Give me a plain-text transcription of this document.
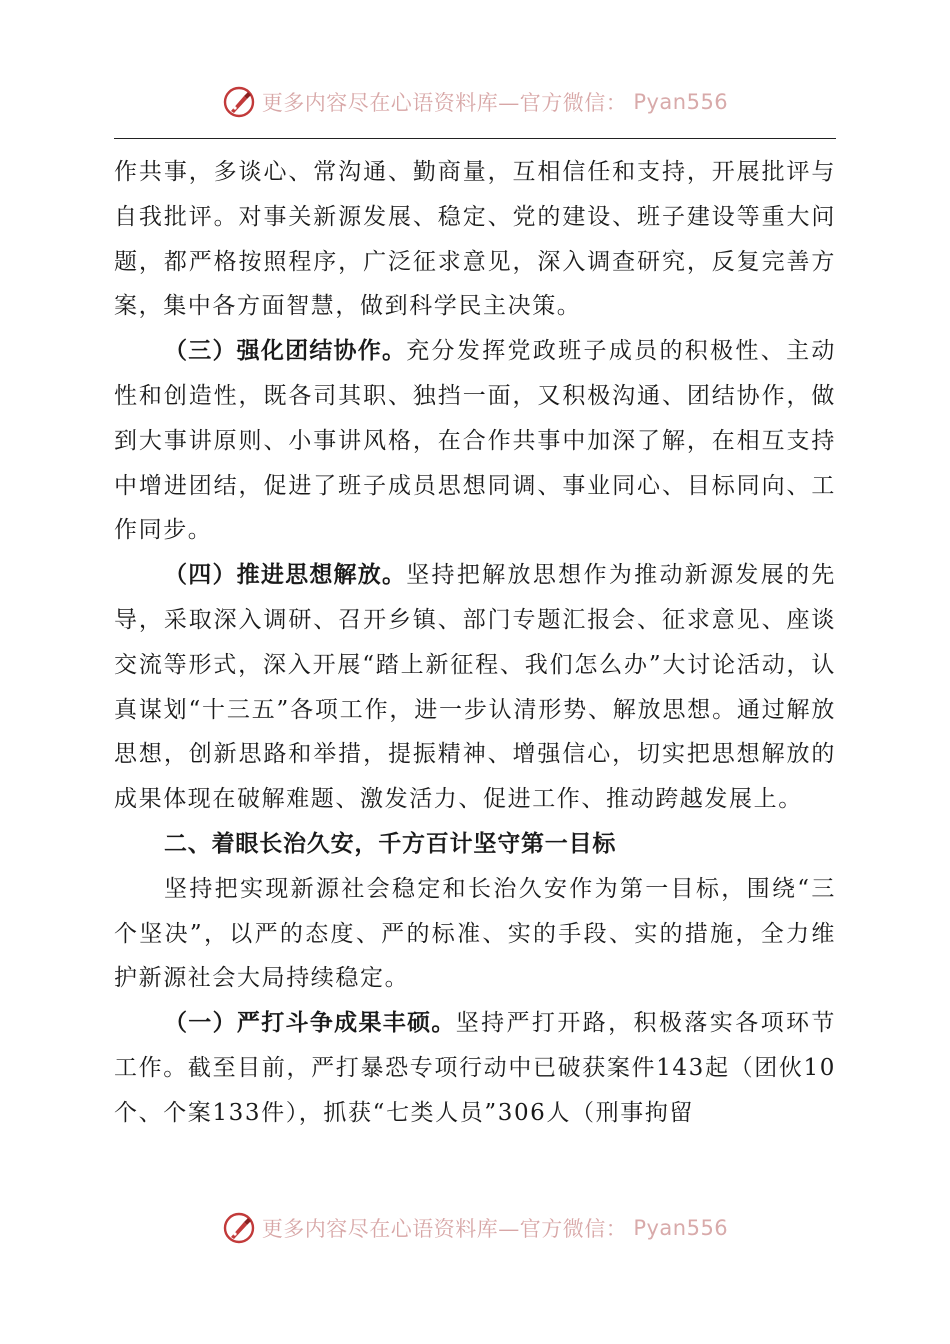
更多内容尽在心语资料库—官方微信： Pyan556

作共事，多谈心、常沟通、勤商量，互相信任和支持，开展批评与自我批评。对事关新源发展、稳定、党的建设、班子建设等重大问题，都严格按照程序，广泛征求意见，深入调查研究，反复完善方案，集中各方面智慧，做到科学民主决策。

（三）强化团结协作。充分发挥党政班子成员的积极性、主动性和创造性，既各司其职、独挡一面，又积极沟通、团结协作，做到大事讲原则、小事讲风格，在合作共事中加深了解，在相互支持中增进团结，促进了班子成员思想同调、事业同心、目标同向、工作同步。

（四）推进思想解放。坚持把解放思想作为推动新源发展的先导，采取深入调研、召开乡镇、部门专题汇报会、征求意见、座谈交流等形式，深入开展“踏上新征程、我们怎么办”大讨论活动，认真谋划“十三五”各项工作，进一步认清形势、解放思想。通过解放思想，创新思路和举措，提振精神、增强信心，切实把思想解放的成果体现在破解难题、激发活力、促进工作、推动跨越发展上。

二、着眼长治久安，千方百计坚守第一目标

坚持把实现新源社会稳定和长治久安作为第一目标，围绕“三个坚决”，以严的态度、严的标准、实的手段、实的措施，全力维护新源社会大局持续稳定。

（一）严打斗争成果丰硕。坚持严打开路，积极落实各项环节工作。截至目前，严打暴恐专项行动中已破获案件143起（团伙10个、个案133件），抓获“七类人员”306人（刑事拘留

更多内容尽在心语资料库—官方微信： Pyan556
